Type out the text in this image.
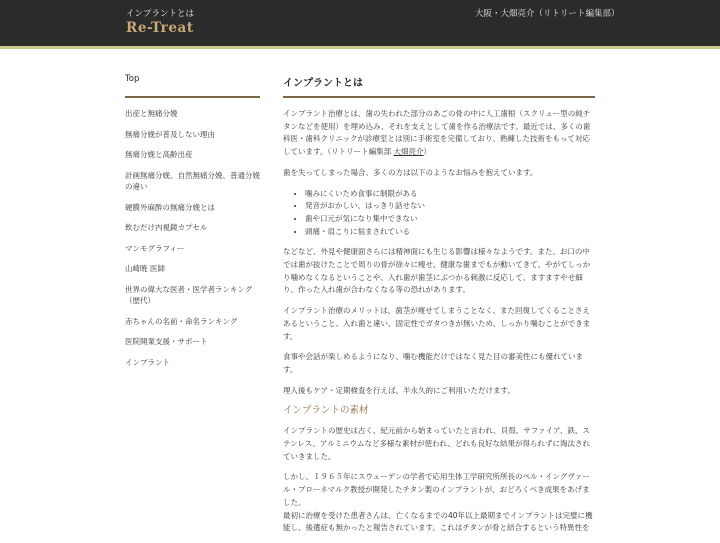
インプラントとは
Re-Treat
大阪・大畑亮介（リトリート編集部）
Top
出産と無痛分娩
無痛分娩が普及しない理由
無痛分娩と高齢出産
計画無痛分娩、自然無痛分娩、普通分娩の違い
硬膜外麻酔の無痛分娩とは
飲むだけ内視鏡カプセル
マンモグラフィー
山崎暁 医師
世界の偉大な医者・医学者ランキング（歴代）
赤ちゃんの名前・命名ランキング
医院開業支援・サポート
インプラント
インプラントとは

インプラント治療とは、歯の失われた部分のあごの骨の中に人工歯根（スクリュー型の純チタンなどを使用）を埋め込み、それを支えとして歯を作る治療法です。最近では、多くの歯科医・歯科クリニックが診療室とは別に手術室を完備しており、熟練した技術をもって対応しています。（リトリート編集部 大畑亮介）

歯を失ってしまった場合、多くの方は以下のようなお悩みを抱えています。

• 噛みにくいため食事に制限がある
• 発音がおかしい、はっきり話せない
• 歯や口元が気になり集中できない
• 頭痛・肩こりに悩まされている

などなど、外見や健康面さらには精神面にも生じる影響は様々なようです。また、お口の中では歯が抜けたことで周りの骨が徐々に痩せ、健康な歯までもが動いてきて、やがてしっかり噛めなくなるということや、入れ歯が歯茎にぶつかる刺激に反応して、ますますやせ細り、作った入れ歯が合わなくなる等の恐れがあります。

インプラント治療のメリットは、歯茎が痩せてしまうことなく、また回復してくることさえあるということ。入れ歯と違い、固定性でガタつきが無いため、しっかり噛むことができます。

食事や会話が楽しめるようになり、噛む機能だけではなく見た目の審美性にも優れています。

埋入後もケア・定期検査を行えば、半永久的にご利用いただけます。

インプラントの素材

インプラントの歴史は古く、紀元前から始まっていたと言われ、貝殻、サファイア、鉄、ステンレス、アルミニウムなど多様な素材が使われ、どれも良好な結果が得られずに淘汰されていきました。

しかし、１９６５年にスウェーデンの学者で応用生体工学研究所所長のペル・イングヴァール・ブローネマルク教授が開発したチタン製のインプラントが、おどろくべき成果をあげました。

最初に治療を受けた患者さんは、亡くなるまでの40年以上最期までインプラントは完璧に機能し、後遺症も無かったと報告されています。これはチタンが骨と結合するという特異性を
